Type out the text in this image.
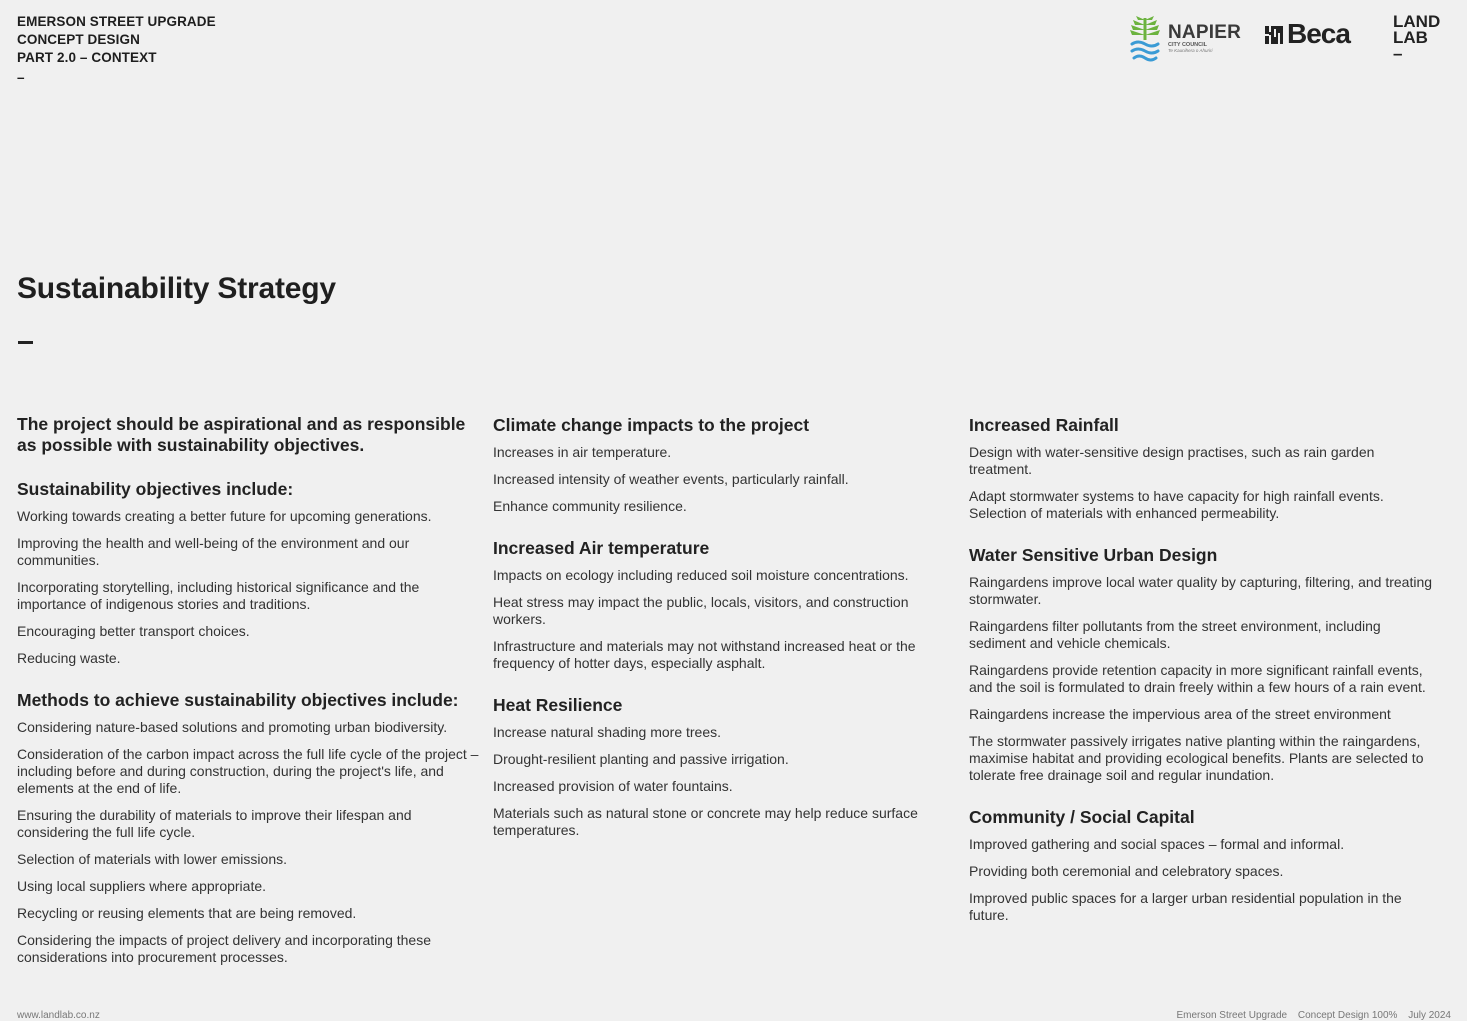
EMERSON STREET UPGRADE
CONCEPT DESIGN
PART 2.0 – CONTEXT
–
NAPIER
CITY COUNCIL
Te Kaunihera o Ahuriri
Beca	LAND
LAB
–
Sustainability Strategy

The project should be aspirational and as responsible as possible with sustainability objectives.

Sustainability objectives include:
Working towards creating a better future for upcoming generations.
Improving the health and well-being of the environment and our communities.
Incorporating storytelling, including historical significance and the importance of indigenous stories and traditions.
Encouraging better transport choices.
Reducing waste.
Methods to achieve sustainability objectives include:
Considering nature-based solutions and promoting urban biodiversity.
Consideration of the carbon impact across the full life cycle of the project – including before and during construction, during the project's life, and elements at the end of life.
Ensuring the durability of materials to improve their lifespan and considering the full life cycle.
Selection of materials with lower emissions.
Using local suppliers where appropriate.
Recycling or reusing elements that are being removed.
Considering the impacts of project delivery and incorporating these considerations into procurement processes.
Climate change impacts to the project
Increases in air temperature.
Increased intensity of weather events, particularly rainfall.
Enhance community resilience.
Increased Air temperature
Impacts on ecology including reduced soil moisture concentrations.
Heat stress may impact the public, locals, visitors, and construction workers.
Infrastructure and materials may not withstand increased heat or the frequency of hotter days, especially asphalt.
Heat Resilience
Increase natural shading more trees.
Drought-resilient planting and passive irrigation.
Increased provision of water fountains.
Materials such as natural stone or concrete may help reduce surface temperatures.
Increased Rainfall
Design with water-sensitive design practises, such as rain garden treatment.
Adapt stormwater systems to have capacity for high rainfall events. Selection of materials with enhanced permeability.
Water Sensitive Urban Design
Raingardens improve local water quality by capturing, filtering, and treating stormwater.
Raingardens filter pollutants from the street environment, including sediment and vehicle chemicals.
Raingardens provide retention capacity in more significant rainfall events, and the soil is formulated to drain freely within a few hours of a rain event.
Raingardens increase the impervious area of the street environment
The stormwater passively irrigates native planting within the raingardens, maximise habitat and providing ecological benefits. Plants are selected to tolerate free drainage soil and regular inundation.
Community / Social Capital
Improved gathering and social spaces – formal and informal.
Providing both ceremonial and celebratory spaces.
Improved public spaces for a larger urban residential population in the future.
www.landlab.co.nz	Emerson Street Upgrade Concept Design 100% July 2024
